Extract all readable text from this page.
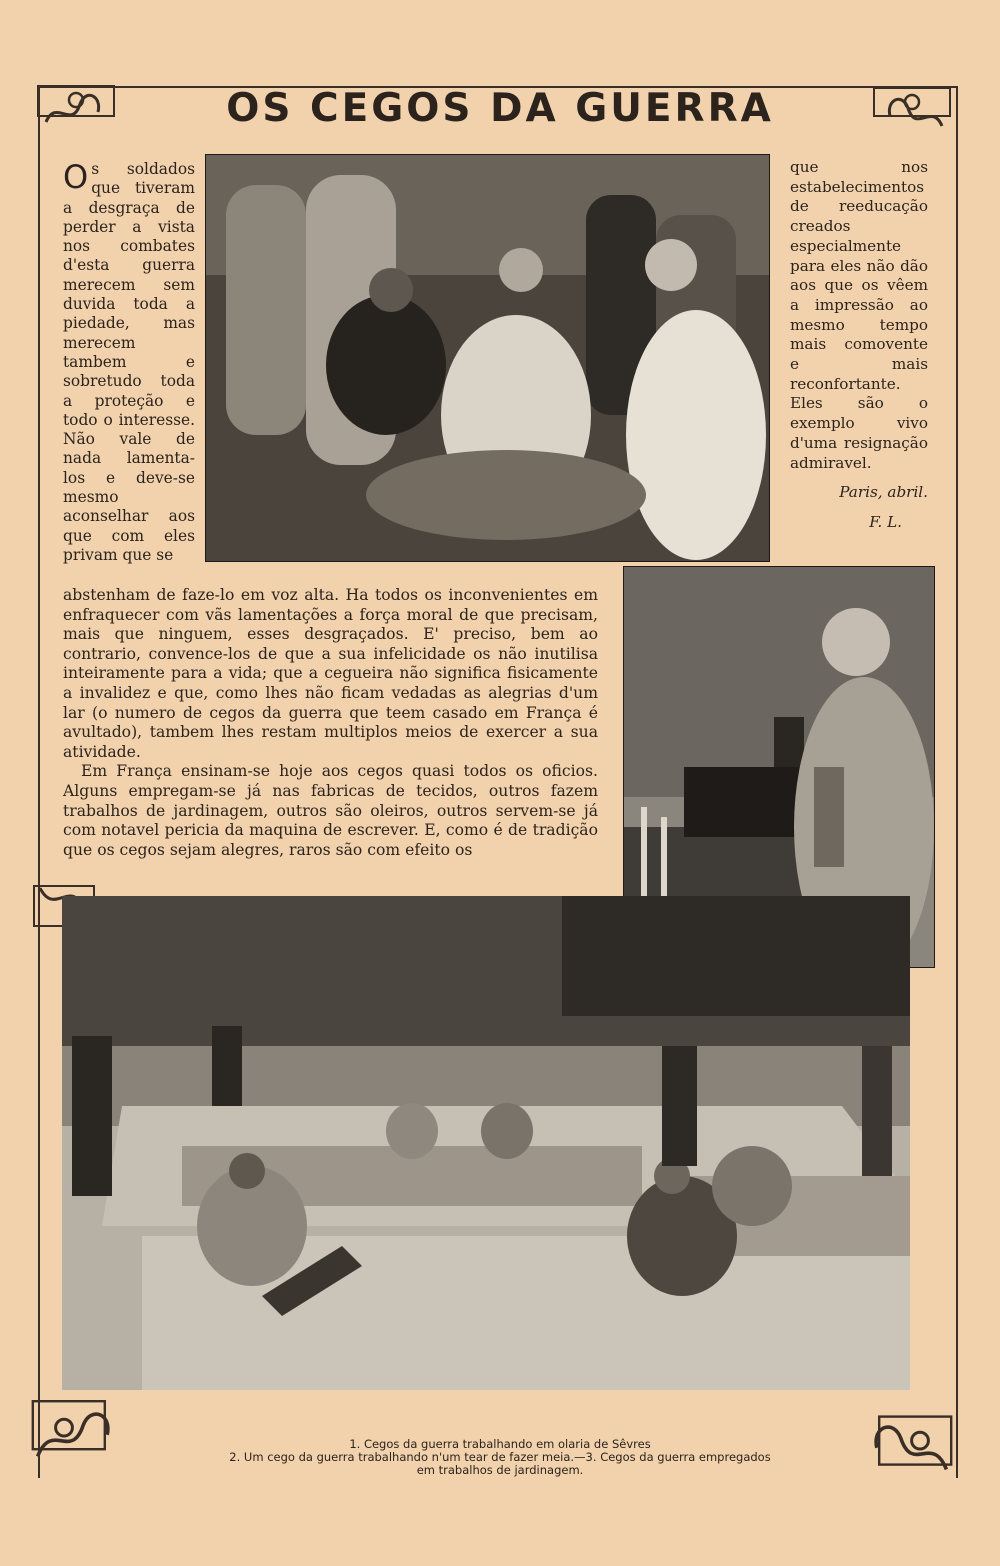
OS CEGOS DA GUERRA
Os soldados que tiveram a desgraça de perder a vista nos combates d'esta guerra merecem sem duvida toda a piedade, mas merecem tambem e sobretudo toda a proteção e todo o interesse. Não vale de nada lamenta-los e deve-se mesmo aconselhar aos que com eles privam que se
que nos estabelecimentos de reeducação creados especialmente para eles não dão aos que os vêem a impressão ao mesmo tempo mais comovente e mais reconfortante. Eles são o exemplo vivo d'uma resignação admiravel.
Paris, abril.
F. L.

abstenham de faze-lo em voz alta. Ha todos os inconvenientes em enfraquecer com vãs lamentações a força moral de que precisam, mais que ninguem, esses desgraçados. E' preciso, bem ao contrario, convence-los de que a sua infelicidade os não inutilisa inteiramente para a vida; que a cegueira não significa fisicamente a invalidez e que, como lhes não ficam vedadas as alegrias d'um lar (o numero de cegos da guerra que teem casado em França é avultado), tambem lhes restam multiplos meios de exercer a sua atividade.

Em França ensinam-se hoje aos cegos quasi todos os oficios. Alguns empregam-se já nas fabricas de tecidos, outros fazem trabalhos de jardinagem, outros são oleiros, outros servem-se já com notavel pericia da maquina de escrever. E, como é de tradição que os cegos sejam alegres, raros são com efeito os

1. Cegos da guerra trabalhando em olaria de Sêvres
2. Um cego da guerra trabalhando n'um tear de fazer meia.—3. Cegos da guerra empregados
em trabalhos de jardinagem.
